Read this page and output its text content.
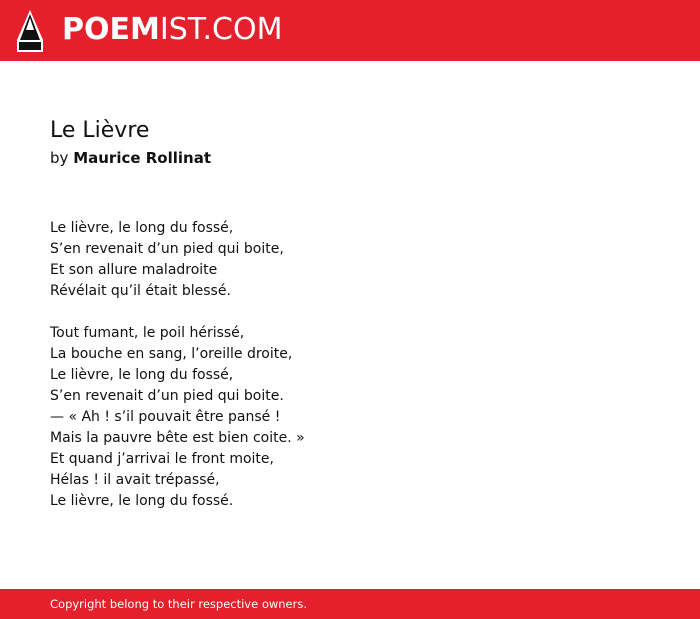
POEMIST.COM
Le Lièvre
by Maurice Rollinat
Le lièvre, le long du fossé,
S’en revenait d’un pied qui boite,
Et son allure maladroite
Révélait qu’il était blessé.
Tout fumant, le poil hérissé,
La bouche en sang, l’oreille droite,
Le lièvre, le long du fossé,
S’en revenait d’un pied qui boite.
— « Ah ! s’il pouvait être pansé !
Mais la pauvre bête est bien coite. »
Et quand j’arrivai le front moite,
Hélas ! il avait trépassé,
Le lièvre, le long du fossé.
Copyright belong to their respective owners.
